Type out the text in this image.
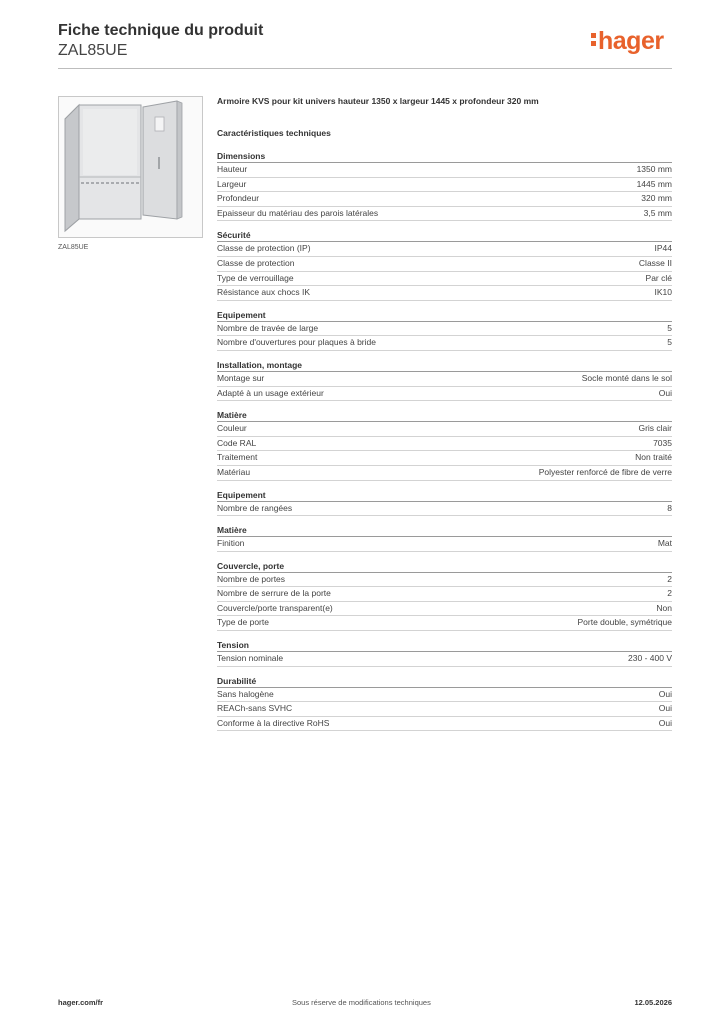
Fiche technique du produit
ZAL85UE	hager
ZAL85UE
Armoire KVS pour kit univers hauteur 1350 x largeur 1445 x profondeur 320 mm
Caractéristiques techniques
Dimensions
Hauteur	1350 mm
Largeur	1445 mm
Profondeur	320 mm
Epaisseur du matériau des parois latérales	3,5 mm
Sécurité
Classe de protection (IP)	IP44
Classe de protection	Classe II
Type de verrouillage	Par clé
Résistance aux chocs IK	IK10
Equipement
Nombre de travée de large	5
Nombre d'ouvertures pour plaques à bride	5
Installation, montage
Montage sur	Socle monté dans le sol
Adapté à un usage extérieur	Oui
Matière
Couleur	Gris clair
Code RAL	7035
Traitement	Non traité
Matériau	Polyester renforcé de fibre de verre
Equipement
Nombre de rangées	8
Matière
Finition	Mat
Couvercle, porte
Nombre de portes	2
Nombre de serrure de la porte	2
Couvercle/porte transparent(e)	Non
Type de porte	Porte double, symétrique
Tension
Tension nominale	230 - 400 V
Durabilité
Sans halogène	Oui
REACh-sans SVHC	Oui
Conforme à la directive RoHS	Oui
hager.com/fr	Sous réserve de modifications techniques	12.05.2026
